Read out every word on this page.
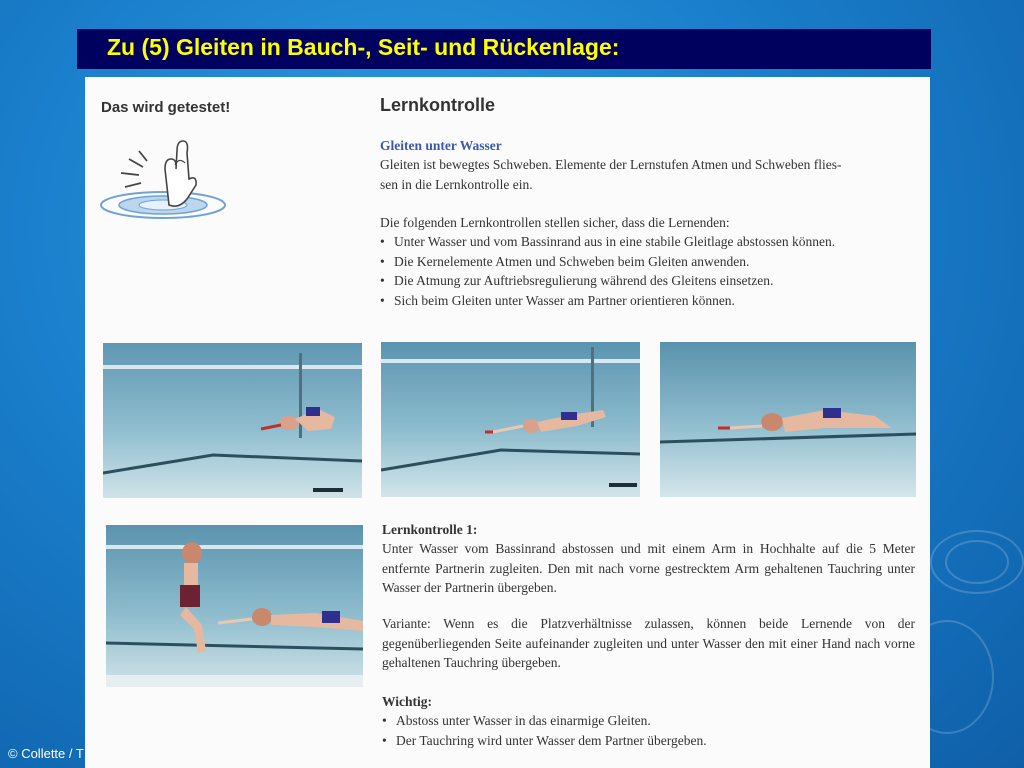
Zu (5) Gleiten in Bauch-, Seit- und Rückenlage:
Das wird getestet!	Lernkontrolle
Gleiten unter Wasser

Gleiten ist bewegtes Schweben. Elemente der Lernstufen Atmen und Schweben flies-

sen in die Lernkontrolle ein.

Die folgenden Lernkontrollen stellen sicher, dass die Lernenden:

• Unter Wasser und vom Bassinrand aus in eine stabile Gleitlage abstossen können.
• Die Kernelemente Atmen und Schweben beim Gleiten anwenden.
• Die Atmung zur Auftriebsregulierung während des Gleitens einsetzen.
• Sich beim Gleiten unter Wasser am Partner orientieren können.
Lernkontrolle 1:

Unter Wasser vom Bassinrand abstossen und mit einem Arm in Hochhalte auf die 5 Meter entfernte Partnerin zugleiten. Den mit nach vorne gestrecktem Arm gehaltenen Tauchring unter Wasser der Partnerin übergeben.

Variante: Wenn es die Platzverhältnisse zulassen, können beide Lernende von der gegenüberliegenden Seite aufeinander zugleiten und unter Wasser den mit einer Hand nach vorne gehaltenen Tauchring übergeben.

Wichtig:
• Abstoss unter Wasser in das einarmige Gleiten.
• Der Tauchring wird unter Wasser dem Partner übergeben.
© Collette / T
